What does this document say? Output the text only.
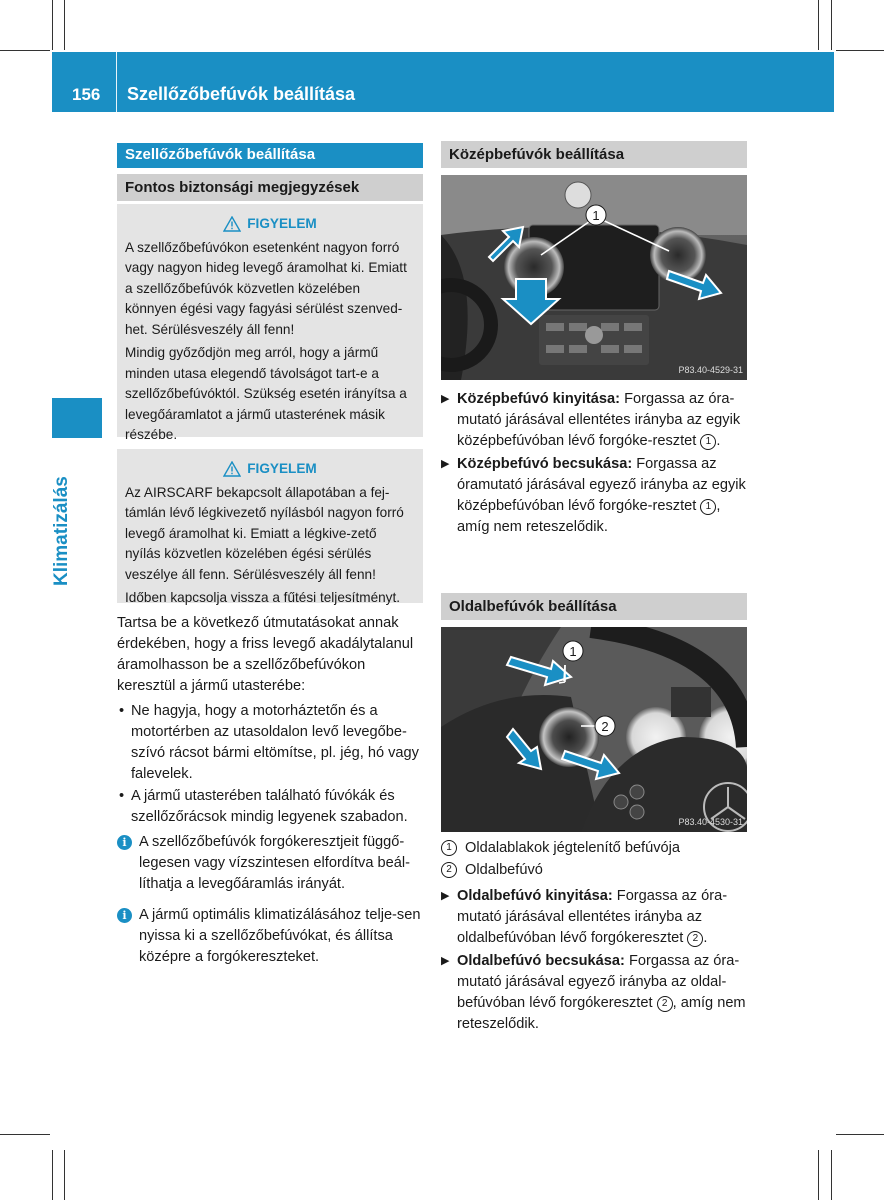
156 Szellőzőbefúvók beállítása
Klimatizálás
Szellőzőbefúvók beállítása
Fontos biztonsági megjegyzések
FIGYELEM

A szellőzőbefúvókon esetenként nagyon forró vagy nagyon hideg levegő áramolhat ki. Emiatt a szellőzőbefúvók közvetlen közelében könnyen égési vagy fagyási sérülést szenved-het. Sérülésveszély áll fenn!

Mindig győződjön meg arról, hogy a jármű minden utasa elegendő távolságot tart-e a szellőzőbefúvóktól. Szükség esetén irányítsa a levegőáramlatot a jármű utasterének másik részébe.

FIGYELEM

Az AIRSCARF bekapcsolt állapotában a fej-támlán lévő légkivezető nyílásból nagyon forró levegő áramolhat ki. Emiatt a légkive-zető nyílás közvetlen közelében égési sérülés veszélye áll fenn. Sérülésveszély áll fenn!

Időben kapcsolja vissza a fűtési teljesítményt.

Tartsa be a következő útmutatásokat annak érdekében, hogy a friss levegő akadálytalanul áramolhasson be a szellőzőbefúvókon keresztül a jármű utasterébe:

• Ne hagyja, hogy a motorháztetőn és a motortérben az utasoldalon levő levegőbe-szívó rácsot bármi eltömítse, pl. jég, hó vagy falevelek.
• A jármű utasterében található fúvókák és szellőzőrácsok mindig legyenek szabadon.
i A szellőzőbefúvók forgókeresztjeit függő-legesen vagy vízszintesen elfordítva beál-líthatja a levegőáramlás irányát.
i A jármű optimális klimatizálásához telje-sen nyissa ki a szellőzőbefúvókat, és állítsa középre a forgókereszteket.
Középbefúvók beállítása
1
P83.40-4529-31
▶ Középbefúvó kinyitása: Forgassa az óra-mutató járásával ellentétes irányba az egyik középbefúvóban lévő forgóke-resztet 1 .
▶ Középbefúvó becsukása: Forgassa az óramutató járásával egyező irányba az egyik középbefúvóban lévő forgóke-resztet 1 , amíg nem reteszelődik.
Oldalbefúvók beállítása
1
2
P83.40-4530-31
1 Oldalablakok jégtelenítő befúvója
2 Oldalbefúvó
▶ Oldalbefúvó kinyitása: Forgassa az óra-mutató járásával ellentétes irányba az oldalbefúvóban lévő forgókeresztet 2 .
▶ Oldalbefúvó becsukása: Forgassa az óra-mutató járásával egyező irányba az oldal-befúvóban lévő forgókeresztet 2 , amíg nem reteszelődik.
